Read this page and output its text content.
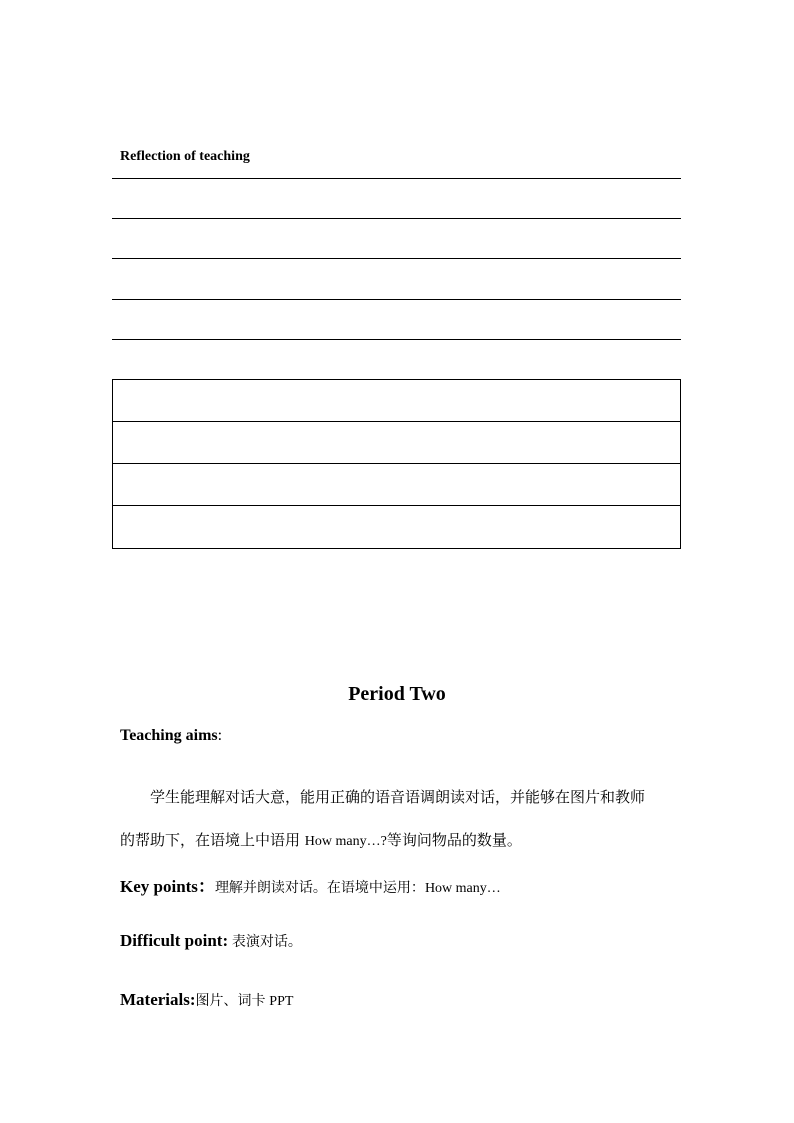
Reflection of teaching
Period Two
Teaching aims:
学生能理解对话大意，能用正确的语音语调朗读对话，并能够在图片和教师
的帮助下，在语境上中语用 How many…?等询问物品的数量。
Key points：理解并朗读对话。在语境中运用：How many…
Difficult point: 表演对话。
Materials:图片、词卡 PPT
